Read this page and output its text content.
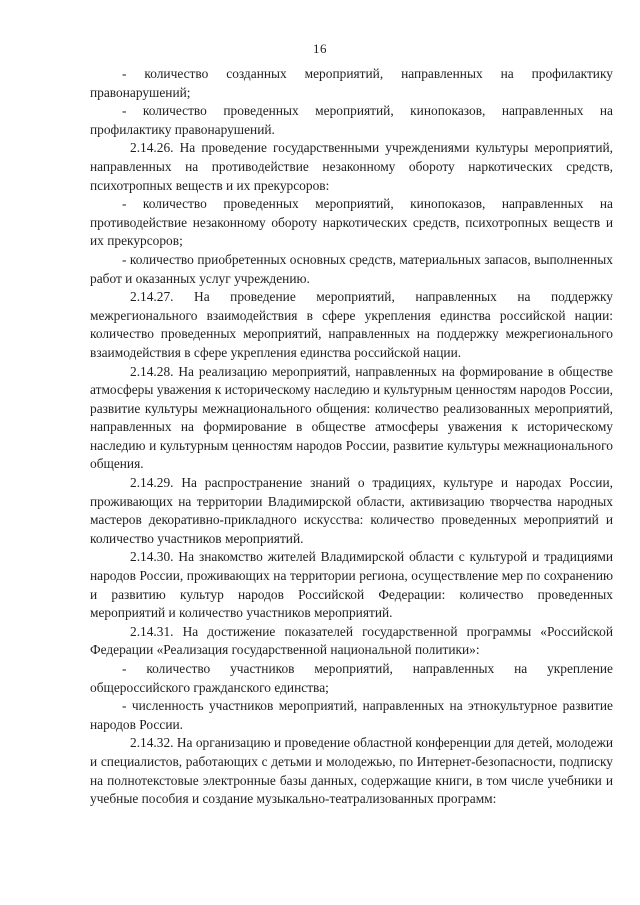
16

- количество созданных мероприятий, направленных на профилактику правонарушений;

- количество проведенных мероприятий, кинопоказов, направленных на профилактику правонарушений.

2.14.26. На проведение государственными учреждениями культуры мероприятий, направленных на противодействие незаконному обороту наркотических средств, психотропных веществ и их прекурсоров:

- количество проведенных мероприятий, кинопоказов, направленных на противодействие незаконному обороту наркотических средств, психотропных веществ и их прекурсоров;

- количество приобретенных основных средств, материальных запасов, выполненных работ и оказанных услуг учреждению.

2.14.27. На проведение мероприятий, направленных на поддержку межрегионального взаимодействия в сфере укрепления единства российской нации: количество проведенных мероприятий, направленных на поддержку межрегионального взаимодействия в сфере укрепления единства российской нации.

2.14.28. На реализацию мероприятий, направленных на формирование в обществе атмосферы уважения к историческому наследию и культурным ценностям народов России, развитие культуры межнационального общения: количество реализованных мероприятий, направленных на формирование в обществе атмосферы уважения к историческому наследию и культурным ценностям народов России, развитие культуры межнационального общения.

2.14.29. На распространение знаний о традициях, культуре и народах России, проживающих на территории Владимирской области, активизацию творчества народных мастеров декоративно-прикладного искусства: количество проведенных мероприятий и количество участников мероприятий.

2.14.30. На знакомство жителей Владимирской области с культурой и традициями народов России, проживающих на территории региона, осуществление мер по сохранению и развитию культур народов Российской Федерации: количество проведенных мероприятий и количество участников мероприятий.

2.14.31. На достижение показателей государственной программы «Российской Федерации «Реализация государственной национальной политики»:

- количество участников мероприятий, направленных на укрепление общероссийского гражданского единства;

- численность участников мероприятий, направленных на этнокультурное развитие народов России.

2.14.32. На организацию и проведение областной конференции для детей, молодежи и специалистов, работающих с детьми и молодежью, по Интернет-безопасности, подписку на полнотекстовые электронные базы данных, содержащие книги, в том числе учебники и учебные пособия и создание музыкально-театрализованных программ:
